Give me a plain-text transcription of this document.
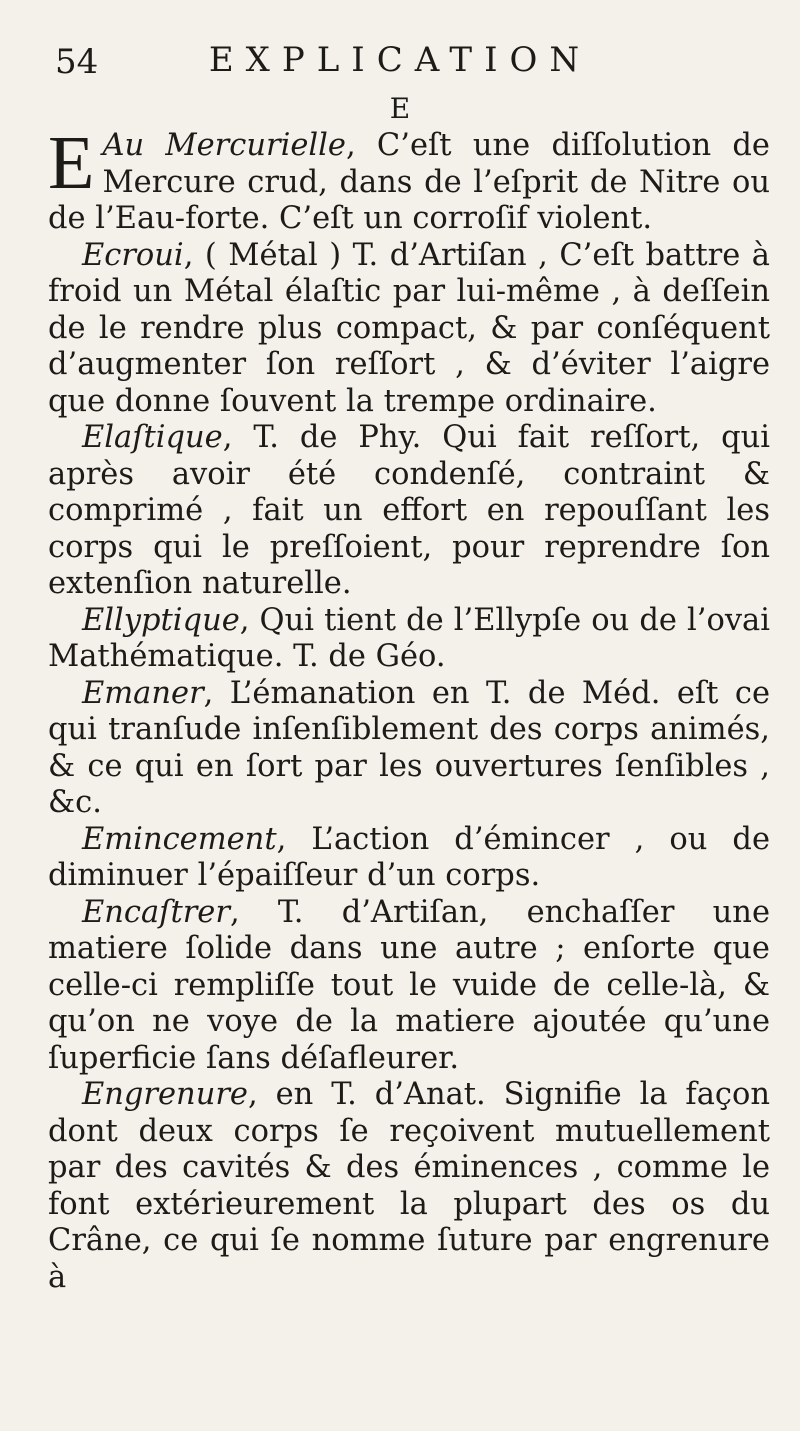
54	EXPLICATION
E

E Au Mercurielle, C’eſt une diſſolution de Mercure crud, dans de l’eſprit de Nitre ou de l’Eau-forte. C’eſt un corroſif violent.

Ecroui, ( Métal ) T. d’Artiſan , C’eſt battre à froid un Métal élaſtic par lui-même , à deſſein de le rendre plus compact, & par conſéquent d’augmenter ſon reſſort , & d’éviter l’aigre que donne ſouvent la trempe ordinaire.

Elaſtique, T. de Phy. Qui fait reſſort, qui après avoir été condenſé, contraint & comprimé , fait un effort en repouſſant les corps qui le preſſoient, pour reprendre ſon extenſion naturelle.

Ellyptique, Qui tient de l’Ellypſe ou de l’ovai Mathématique. T. de Géo.

Emaner, L’émanation en T. de Méd. eſt ce qui tranſude inſenſiblement des corps animés, & ce qui en ſort par les ouvertures ſenſibles , &c.

Emincement, L’action d’émincer , ou de diminuer l’épaiſſeur d’un corps.

Encaſtrer, T. d’Artiſan, enchaſſer une matiere ſolide dans une autre ; enſorte que celle-ci rempliſſe tout le vuide de celle-là, & qu’on ne voye de la matiere ajoutée qu’une ſuperficie ſans déſafleurer.

Engrenure, en T. d’Anat. Signifie la façon dont deux corps ſe reçoivent mutuellement par des cavités & des éminences , comme le font extérieurement la plupart des os du Crâne, ce qui ſe nomme ſuture par engrenure à
